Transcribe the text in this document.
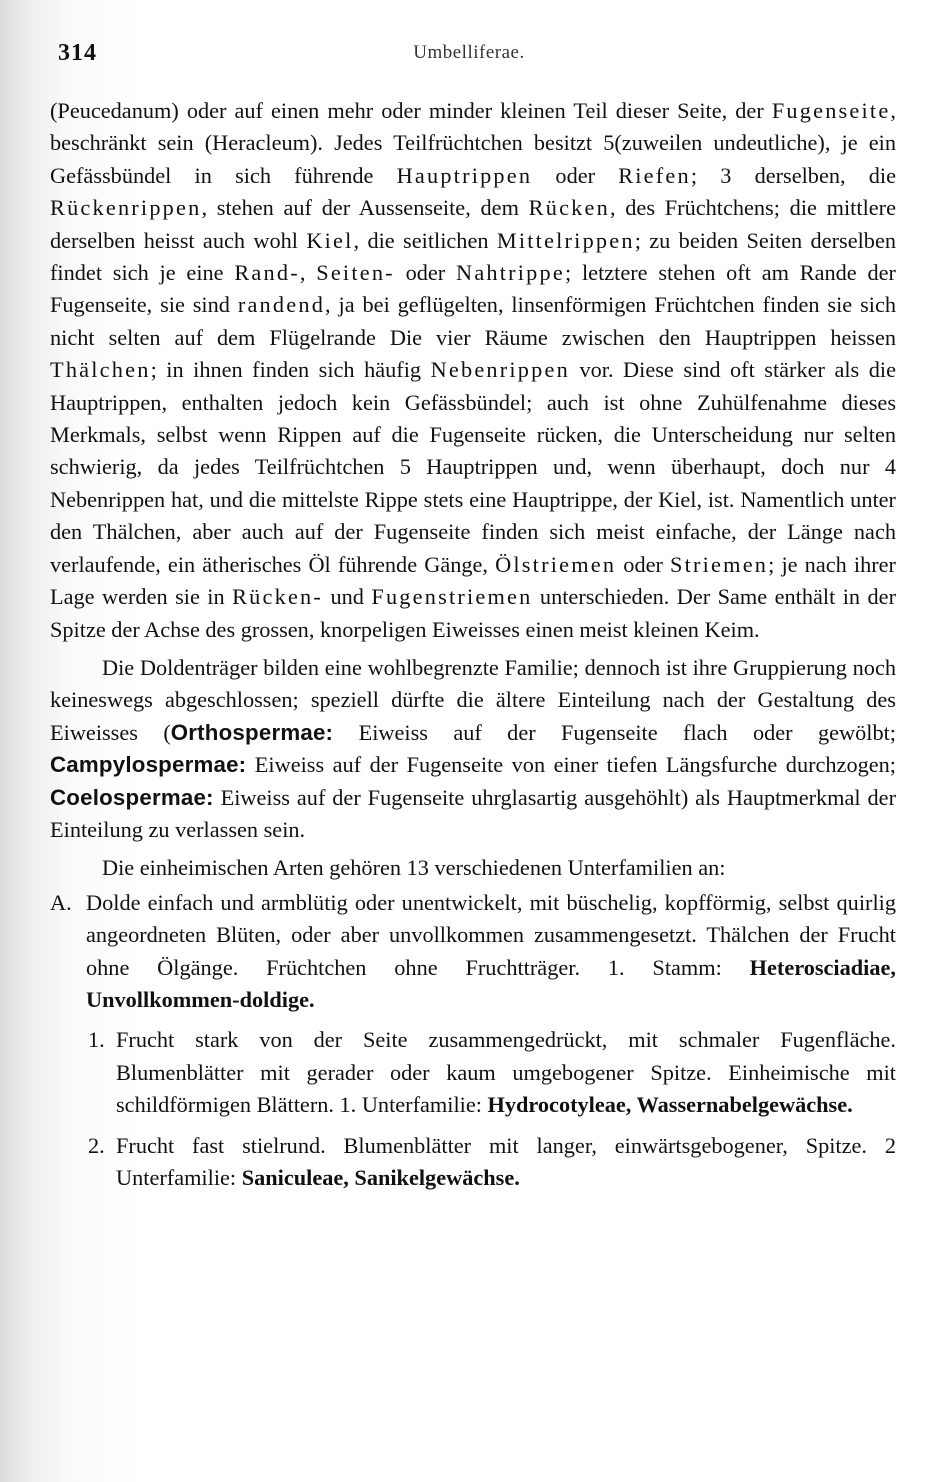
314	Umbelliferae.

(Peucedanum) oder auf einen mehr oder minder kleinen Teil dieser Seite, der Fugenseite, beschränkt sein (Heracleum). Jedes Teilfrüchtchen besitzt 5(zuweilen undeutliche), je ein Gefässbündel in sich führende Hauptrippen oder Riefen; 3 derselben, die Rückenrippen, stehen auf der Aussenseite, dem Rücken, des Früchtchens; die mittlere derselben heisst auch wohl Kiel, die seitlichen Mittelrippen; zu beiden Seiten derselben findet sich je eine Rand-, Seiten- oder Nahtrippe; letztere stehen oft am Rande der Fugenseite, sie sind randend, ja bei geflügelten, linsenförmigen Früchtchen finden sie sich nicht selten auf dem Flügelrande Die vier Räume zwischen den Hauptrippen heissen Thälchen; in ihnen finden sich häufig Nebenrippen vor. Diese sind oft stärker als die Hauptrippen, enthalten jedoch kein Gefässbündel; auch ist ohne Zuhülfenahme dieses Merkmals, selbst wenn Rippen auf die Fugenseite rücken, die Unterscheidung nur selten schwierig, da jedes Teilfrüchtchen 5 Hauptrippen und, wenn überhaupt, doch nur 4 Nebenrippen hat, und die mittelste Rippe stets eine Hauptrippe, der Kiel, ist. Namentlich unter den Thälchen, aber auch auf der Fugenseite finden sich meist einfache, der Länge nach verlaufende, ein ätherisches Öl führende Gänge, Ölstriemen oder Striemen; je nach ihrer Lage werden sie in Rücken- und Fugenstriemen unterschieden. Der Same enthält in der Spitze der Achse des grossen, knorpeligen Eiweisses einen meist kleinen Keim.

Die Doldenträger bilden eine wohlbegrenzte Familie; dennoch ist ihre Gruppierung noch keineswegs abgeschlossen; speziell dürfte die ältere Einteilung nach der Gestaltung des Eiweisses (Orthospermae: Eiweiss auf der Fugenseite flach oder gewölbt; Campylospermae: Eiweiss auf der Fugenseite von einer tiefen Längsfurche durchzogen; Coelospermae: Eiweiss auf der Fugenseite uhrglasartig ausgehöhlt) als Hauptmerkmal der Einteilung zu verlassen sein.

Die einheimischen Arten gehören 13 verschiedenen Unterfamilien an:

A. Dolde einfach und armblütig oder unentwickelt, mit büschelig, kopfförmig, selbst quirlig angeordneten Blüten, oder aber unvollkommen zusammengesetzt. Thälchen der Frucht ohne Ölgänge. Früchtchen ohne Fruchtträger. 1. Stamm: Heterosciadiae, Unvollkommen-doldige.

1. Frucht stark von der Seite zusammengedrückt, mit schmaler Fugenfläche. Blumenblätter mit gerader oder kaum umgebogener Spitze. Einheimische mit schildförmigen Blättern. 1. Unterfamilie: Hydrocotyleae, Wassernabelgewächse.

2. Frucht fast stielrund. Blumenblätter mit langer, einwärtsgebogener, Spitze. 2 Unterfamilie: Saniculeae, Sanikelgewächse.
